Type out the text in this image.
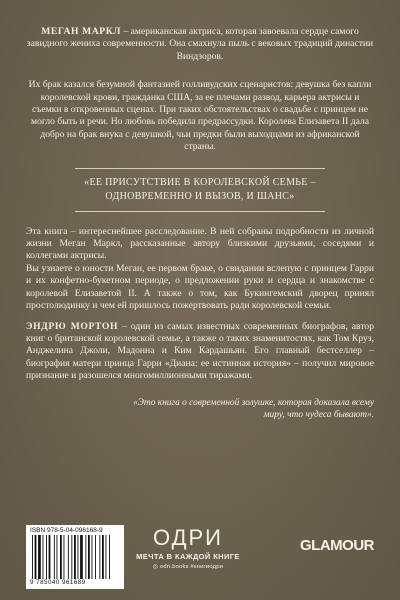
МЕГАН МАРКЛ – американская актриса, которая завоевала сердце самого завидного жениха современности. Она смахнула пыль с вековых традиций династии Виндзоров.

Их брак казался безумной фантазией голливудских сценаристов: девушка без капли королевской крови, гражданка США, за ее плечами развод, карьера актрисы и съемки в откровенных сценах. При таких обстоятельствах о свадьбе с принцем не могло быть и речи. Но любовь победила предрассудки. Королева Елизавета II дала добро на брак внука с девушкой, чьи предки были выходцами из африканской страны.

«ЕЕ ПРИСУТСТВИЕ В КОРОЛЕВСКОЙ СЕМЬЕ – ОДНОВРЕМЕННО И ВЫЗОВ, И ШАНС»

Эта книга – интереснейшее расследование. В ней собраны подробности из личной жизни Меган Маркл, рассказанные автору близкими друзьями, соседями и коллегами актрисы.

Вы узнаете о юности Меган, ее первом браке, о свидании вслепую с принцем Гарри и их конфетно-букетном периоде, о предложении руки и сердца и знакомстве с королевой Елизаветой II. А также о том, как Букингемский дворец принял простолюдинку и чем ей пришлось пожертвовать ради королевской семьи.

ЭНДРЮ МОРТОН – один из самых известных современных биографов, автор книг о британской королевской семье, а также о таких знаменитостях, как Том Круз, Анджелина Джоли, Мадонна и Ким Кардашьян. Его главный бестселлер – биография матери принца Гарри «Диана: ее истинная история» – получил мировое признание и разошелся многомиллионными тиражами.

«Это книга о современной золушке, которая доказала всему миру, что чудеса бывают».

ISBN 978-5-04-096168-9
9 785040 961689
ОДРИ
МЕЧТА В КАЖДОЙ КНИГЕ
◎ odri.books #книгиодри
GLAMOUR
